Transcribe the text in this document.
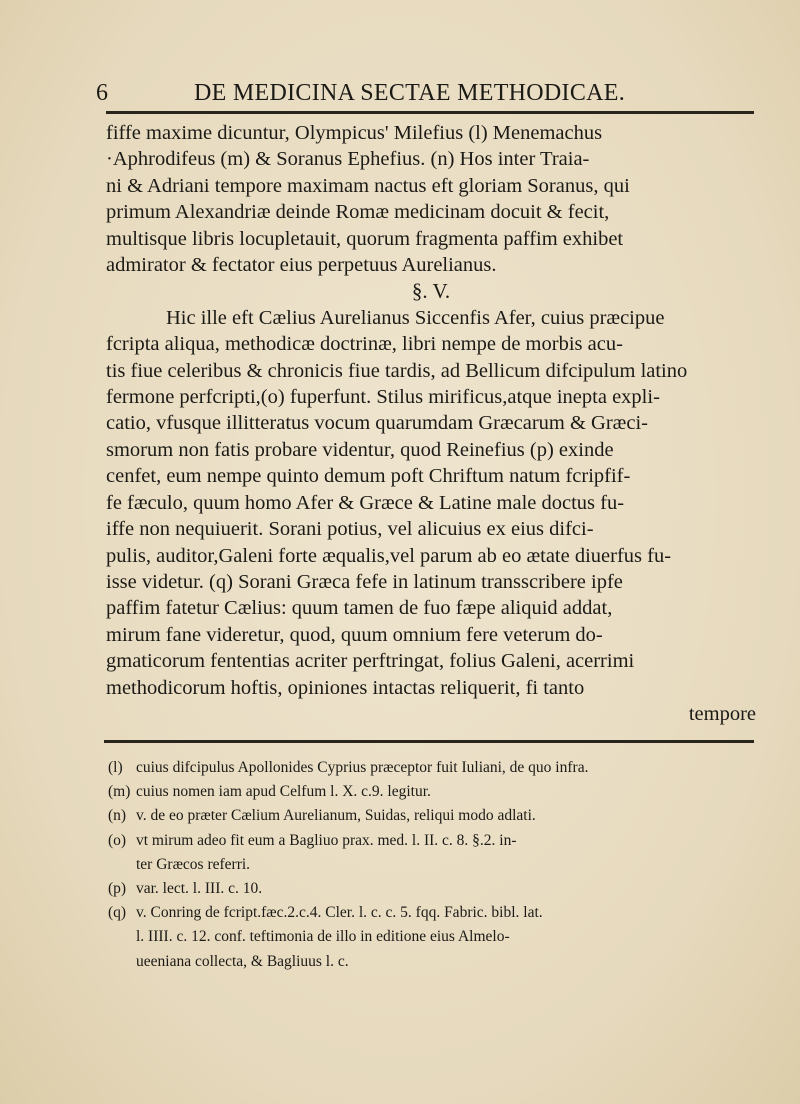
6	DE MEDICINA SECTAE METHODICAE.
fiffe maxime dicuntur, Olympicus' Milefius (l) Menemachus
·Aphrodifeus (m) & Soranus Ephefius. (n) Hos inter Traia-
ni & Adriani tempore maximam nactus eft gloriam Soranus, qui
primum Alexandriæ deinde Romæ medicinam docuit & fecit,
multisque libris locupletauit, quorum fragmenta paffim exhibet
admirator & fectator eius perpetuus Aurelianus.
§. V.
Hic ille eft Cælius Aurelianus Siccenfis Afer, cuius præcipue
fcripta aliqua, methodicæ doctrinæ, libri nempe de morbis acu-
tis fiue celeribus & chronicis fiue tardis, ad Bellicum difcipulum latino
fermone perfcripti,(o) fuperfunt. Stilus mirificus,atque inepta expli-
catio, vfusque illitteratus vocum quarumdam Græcarum & Græci-
smorum non fatis probare videntur, quod Reinefius (p) exinde
cenfet, eum nempe quinto demum poft Chriftum natum fcripfif-
fe fæculo, quum homo Afer & Græce & Latine male doctus fu-
iffe non nequiuerit. Sorani potius, vel alicuius ex eius difci-
pulis, auditor,Galeni forte æqualis,vel parum ab eo ætate diuerfus fu-
isse videtur. (q) Sorani Græca fefe in latinum transscribere ipfe
paffim fatetur Cælius: quum tamen de fuo fæpe aliquid addat,
mirum fane videretur, quod, quum omnium fere veterum do-
gmaticorum fententias acriter perftringat, folius Galeni, acerrimi
methodicorum hoftis, opiniones intactas reliquerit, fi tanto
tempore
(l) cuius difcipulus Apollonides Cyprius præceptor fuit Iuliani, de quo infra.
(m) cuius nomen iam apud Celfum l. X. c.9. legitur.
(n) v. de eo præter Cælium Aurelianum, Suidas, reliqui modo adlati.
(o) vt mirum adeo fit eum a Bagliuo prax. med. l. II. c. 8. §.2. in-
ter Græcos referri.
(p) var. lect. l. III. c. 10.
(q) v. Conring de fcript.fæc.2.c.4. Cler. l. c. c. 5. fqq. Fabric. bibl. lat.
l. IIII. c. 12. conf. teftimonia de illo in editione eius Almelo-
ueeniana collecta, & Bagliuus l. c.
